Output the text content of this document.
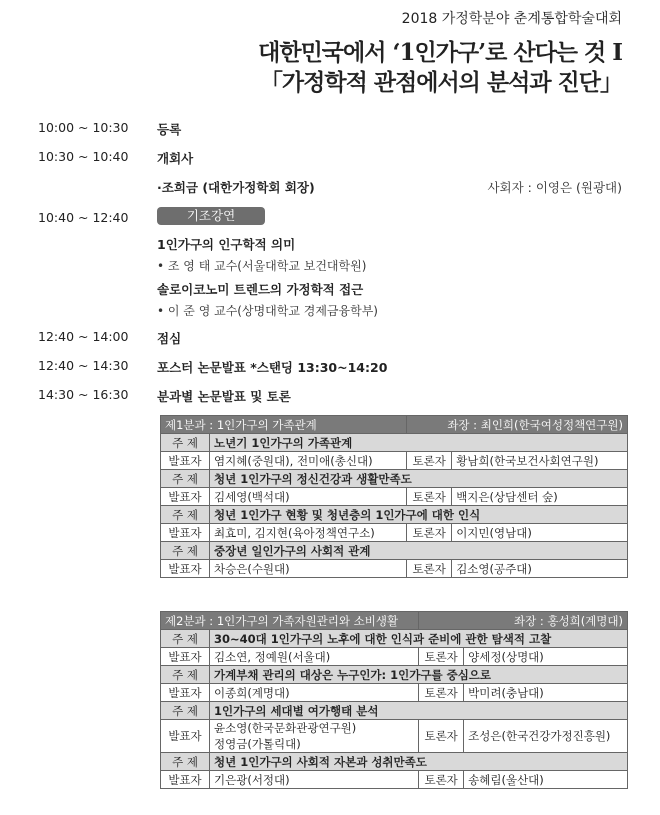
2018 가정학분야 춘계통합학술대회
대한민국에서 ‘1인가구’로 산다는 것 I
「가정학적 관점에서의 분석과 진단」
10:00 ~ 10:30 등록
10:30 ~ 10:40 개회사
·조희금 (대한가정학회 회장)	사회자 : 이영은 (원광대)
10:40 ~ 12:40	기조강연
1인가구의 인구학적 의미
• 조 영 태 교수(서울대학교 보건대학원)
솔로이코노미 트렌드의 가정학적 접근
• 이 준 영 교수(상명대학교 경제금융학부)
12:40 ~ 14:00 점심
12:40 ~ 14:30 포스터 논문발표 *스탠딩 13:30~14:20
14:30 ~ 16:30 분과별 논문발표 및 토론
제1분과 : 1인가구의 가족관계		좌장 : 최인희(한국여성정책연구원)	
주 제	노년기 1인가구의 가족관계		
발표자	염지혜(중원대), 전미애(총신대)	토론자	황남희(한국보건사회연구원)
주 제	청년 1인가구의 정신건강과 생활만족도		
발표자	김세영(백석대)	토론자	백지은(상담센터 숲)
주 제	청년 1인가구 현황 및 청년층의 1인가구에 대한 인식		
발표자	최효미, 김지현(육아정책연구소)	토론자	이지민(영남대)
주 제	중장년 일인가구의 사회적 관계		
발표자	차승은(수원대)	토론자	김소영(공주대)
제2분과 : 1인가구의 가족자원관리와 소비생활		좌장 : 홍성희(계명대)	
주 제	30~40대 1인가구의 노후에 대한 인식과 준비에 관한 탐색적 고찰		
발표자	김소연, 정예원(서울대)	토론자	양세정(상명대)
주 제	가계부채 관리의 대상은 누구인가: 1인가구를 중심으로		
발표자	이종희(계명대)	토론자	박미려(충남대)
주 제	1인가구의 세대별 여가행태 분석		
발표자	윤소영(한국문화관광연구원)
정영금(가톨릭대)	토론자	조성은(한국건강가정진흥원)
주 제	청년 1인가구의 사회적 자본과 성취만족도		
발표자	기은광(서정대)	토론자	송혜림(울산대)
